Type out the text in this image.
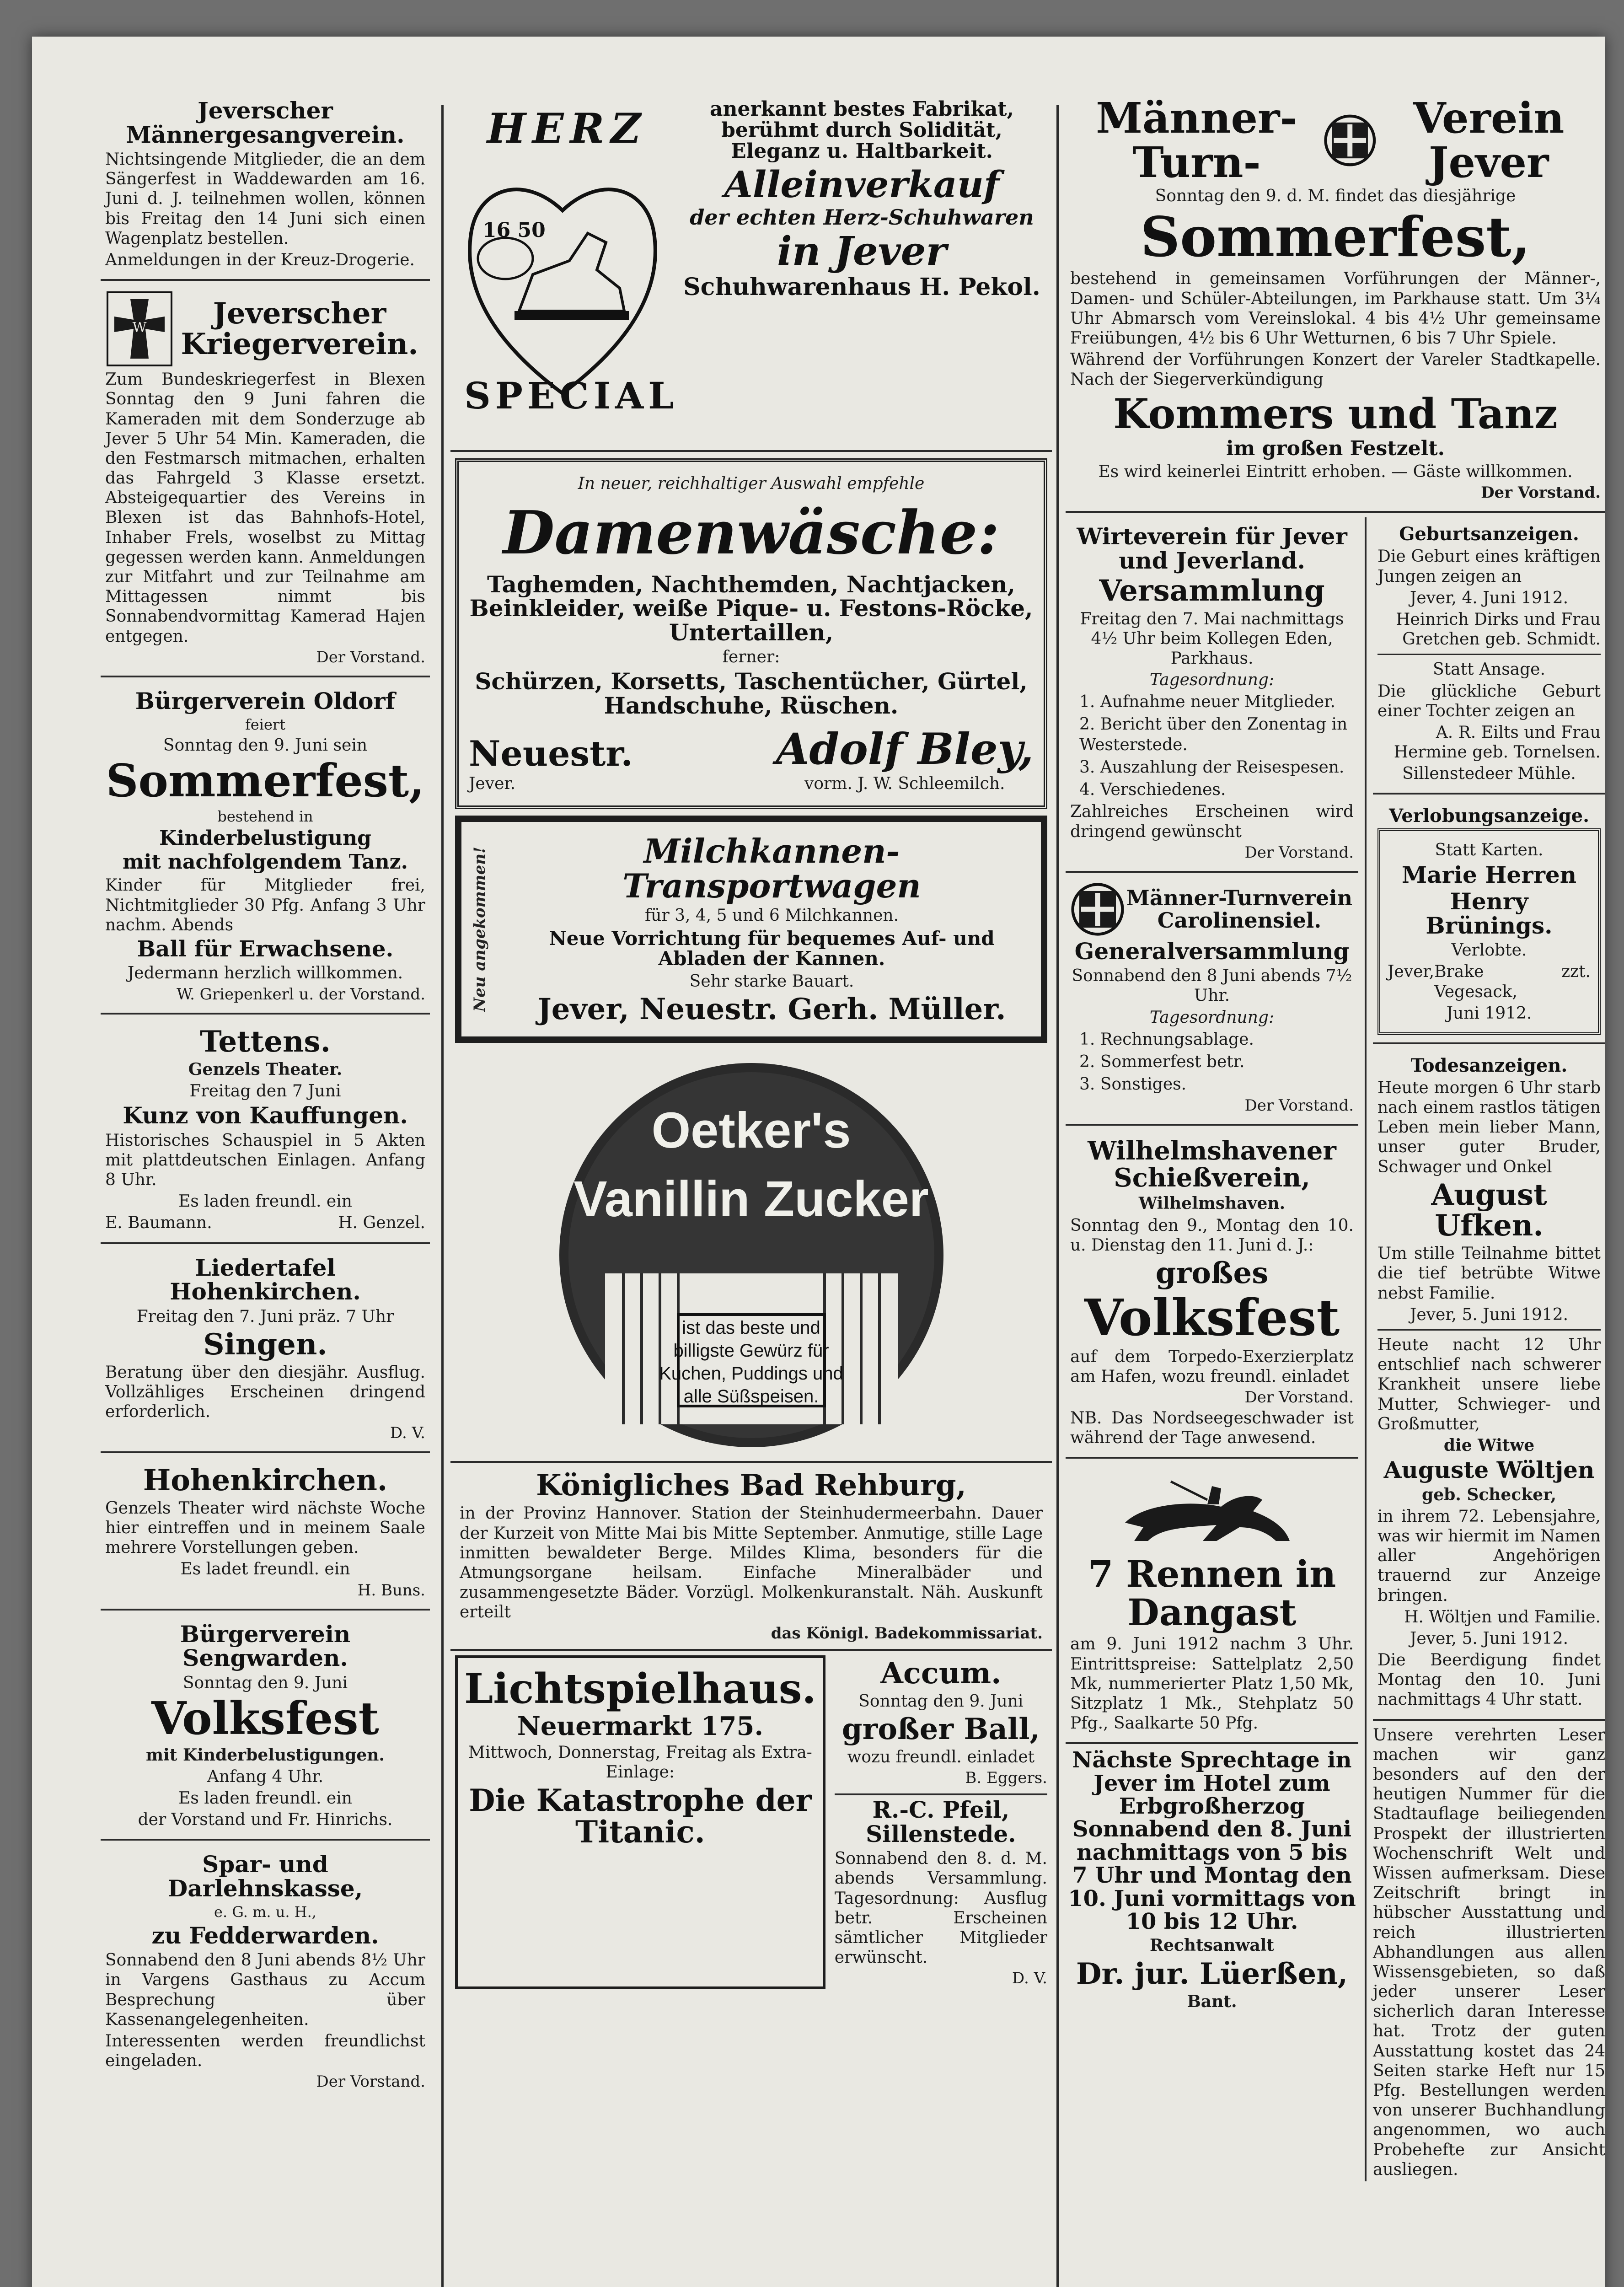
Jeverscher Männergesangverein.
Nichtsingende Mitglieder, die an dem Sängerfest in Waddewarden am 16. Juni d. J. teilnehmen wollen, können bis Freitag den 14 Juni sich einen Wagenplatz bestellen.
Anmeldungen in der Kreuz-Drogerie.
W	Jeverscher Kriegerverein.
Zum Bundeskriegerfest in Blexen Sonntag den 9 Juni fahren die Kameraden mit dem Sonderzuge ab Jever 5 Uhr 54 Min. Kameraden, die den Festmarsch mitmachen, erhalten das Fahrgeld 3 Klasse ersetzt. Absteigequartier des Vereins in Blexen ist das Bahnhofs-Hotel, Inhaber Frels, woselbst zu Mittag gegessen werden kann. Anmeldungen zur Mitfahrt und zur Teilnahme am Mittagessen nimmt bis Sonnabendvormittag Kamerad Hajen entgegen.
Der Vorstand.
Bürgerverein Oldorf
feiert
Sonntag den 9. Juni sein
Sommerfest,
bestehend in
Kinderbelustigung
mit nachfolgendem Tanz.
Kinder für Mitglieder frei, Nichtmitglieder 30 Pfg. Anfang 3 Uhr nachm. Abends
Ball für Erwachsene.
Jedermann herzlich willkommen.
W. Griepenkerl u. der Vorstand.
Tettens.
Genzels Theater.
Freitag den 7 Juni
Kunz von Kauffungen.
Historisches Schauspiel in 5 Akten mit plattdeutschen Einlagen. Anfang 8 Uhr.
Es laden freundl. ein
E. Baumann.	H. Genzel.
Liedertafel Hohenkirchen.
Freitag den 7. Juni präz. 7 Uhr
Singen.
Beratung über den diesjähr. Ausflug. Vollzähliges Erscheinen dringend erforderlich.
D. V.
Hohenkirchen.
Genzels Theater wird nächste Woche hier eintreffen und in meinem Saale mehrere Vorstellungen geben.
Es ladet freundl. ein
H. Buns.
Bürgerverein Sengwarden.
Sonntag den 9. Juni
Volksfest
mit Kinderbelustigungen.
Anfang 4 Uhr.
Es laden freundl. ein
der Vorstand und Fr. Hinrichs.
Spar- und Darlehnskasse,
e. G. m. u. H.,
zu Fedderwarden.
Sonnabend den 8 Juni abends 8½ Uhr in Vargens Gasthaus zu Accum Besprechung über Kassenangelegenheiten.
Interessenten werden freundlichst eingeladen.
Der Vorstand.
anerkannt bestes Fabrikat, berühmt durch Solidität, Eleganz u. Haltbarkeit.
Alleinverkauf
der echten Herz-Schuhwaren
in Jever
Schuhwarenhaus H. Pekol.
HERZ
16 50
SPECIAL
In neuer, reichhaltiger Auswahl empfehle
Damenwäsche:
Taghemden, Nachthemden, Nachtjacken, Beinkleider, weiße Pique- u. Festons-Röcke, Untertaillen,
ferner:
Schürzen, Korsetts, Taschentücher, Gürtel, Handschuhe, Rüschen.
Neuestr.
Jever.
Adolf Bley,
vorm. J. W. Schleemilch.
Neu angekommen!	Milchkannen-Transportwagen
für 3, 4, 5 und 6 Milchkannen.
Neue Vorrichtung für bequemes Auf- und Abladen der Kannen.
Sehr starke Bauart.
Jever, Neuestr. Gerh. Müller.
Oetker's
Vanillin Zucker
ist das beste und
billigste Gewürz für
Kuchen, Puddings und
alle Süßspeisen.
Königliches Bad Rehburg,
in der Provinz Hannover. Station der Steinhudermeerbahn. Dauer der Kurzeit von Mitte Mai bis Mitte September. Anmutige, stille Lage inmitten bewaldeter Berge. Mildes Klima, besonders für die Atmungsorgane heilsam. Einfache Mineralbäder und zusammengesetzte Bäder. Vorzügl. Molkenkuranstalt. Näh. Auskunft erteilt
das Königl. Badekommissariat.
Lichtspielhaus.
Neuermarkt 175.
Mittwoch, Donnerstag, Freitag als Extra-Einlage:
Die Katastrophe der Titanic.
Accum.
Sonntag den 9. Juni
großer Ball,
wozu freundl. einladet
B. Eggers.
R.-C. Pfeil, Sillenstede.
Sonnabend den 8. d. M. abends Versammlung. Tagesordnung: Ausflug betr. Erscheinen sämtlicher Mitglieder erwünscht.
D. V.
Männer-Turn-
Verein Jever
Sonntag den 9. d. M. findet das diesjährige
Sommerfest,
bestehend in gemeinsamen Vorführungen der Männer-, Damen- und Schüler-Abteilungen, im Parkhause statt. Um 3¼ Uhr Abmarsch vom Vereinslokal. 4 bis 4½ Uhr gemeinsame Freiübungen, 4½ bis 6 Uhr Wetturnen, 6 bis 7 Uhr Spiele.
Während der Vorführungen Konzert der Vareler Stadtkapelle. Nach der Siegerverkündigung
Kommers und Tanz
im großen Festzelt.
Es wird keinerlei Eintritt erhoben. — Gäste willkommen.
Der Vorstand.
Wirteverein für Jever und Jeverland.
Versammlung
Freitag den 7. Mai nachmittags 4½ Uhr beim Kollegen Eden, Parkhaus.
Tagesordnung:
1. Aufnahme neuer Mitglieder.
2. Bericht über den Zonentag in Westerstede.
3. Auszahlung der Reisespesen.
4. Verschiedenes.
Zahlreiches Erscheinen wird dringend gewünscht
Der Vorstand.
Männer-Turnverein Carolinensiel.
Generalversammlung
Sonnabend den 8 Juni abends 7½ Uhr.
Tagesordnung:
1. Rechnungsablage.
2. Sommerfest betr.
3. Sonstiges.
Der Vorstand.
Wilhelmshavener Schießverein,
Wilhelmshaven.
Sonntag den 9., Montag den 10. u. Dienstag den 11. Juni d. J.:
großes
Volksfest
auf dem Torpedo-Exerzierplatz am Hafen, wozu freundl. einladet
Der Vorstand.
NB. Das Nordseegeschwader ist während der Tage anwesend.
7 Rennen in Dangast
am 9. Juni 1912 nachm 3 Uhr. Eintrittspreise: Sattelplatz 2,50 Mk, nummerierter Platz 1,50 Mk, Sitzplatz 1 Mk., Stehplatz 50 Pfg., Saalkarte 50 Pfg.
Nächste Sprechtage in Jever im Hotel zum Erbgroßherzog Sonnabend den 8. Juni nachmittags von 5 bis 7 Uhr und Montag den 10. Juni vormittags von 10 bis 12 Uhr.
Rechtsanwalt
Dr. jur. Lüerßen,
Bant.
Geburtsanzeigen.
Die Geburt eines kräftigen Jungen zeigen an
Jever, 4. Juni 1912.
Heinrich Dirks und Frau Gretchen geb. Schmidt.
Statt Ansage.
Die glückliche Geburt einer Tochter zeigen an
A. R. Eilts und Frau Hermine geb. Tornelsen.
Sillenstedeer Mühle.
Verlobungsanzeige.
Statt Karten.
Marie Herren
Henry Brünings.
Verlobte.
Jever, Brake zzt. Vegesack,
Juni 1912.
Todesanzeigen.
Heute morgen 6 Uhr starb nach einem rastlos tätigen Leben mein lieber Mann, unser guter Bruder, Schwager und Onkel
August Ufken.
Um stille Teilnahme bittet die tief betrübte Witwe nebst Familie.
Jever, 5. Juni 1912.
Heute nacht 12 Uhr entschlief nach schwerer Krankheit unsere liebe Mutter, Schwieger- und Großmutter,
die Witwe
Auguste Wöltjen
geb. Schecker,
in ihrem 72. Lebensjahre, was wir hiermit im Namen aller Angehörigen trauernd zur Anzeige bringen.
H. Wöltjen und Familie.
Jever, 5. Juni 1912.
Die Beerdigung findet Montag den 10. Juni nachmittags 4 Uhr statt.
Unsere verehrten Leser machen wir ganz besonders auf den der heutigen Nummer für die Stadtauflage beiliegenden Prospekt der illustrierten Wochenschrift Welt und Wissen aufmerksam. Diese Zeitschrift bringt in hübscher Ausstattung und reich illustrierten Abhandlungen aus allen Wissensgebieten, so daß jeder unserer Leser sicherlich daran Interesse hat. Trotz der guten Ausstattung kostet das 24 Seiten starke Heft nur 15 Pfg. Bestellungen werden von unserer Buchhandlung angenommen, wo auch Probehefte zur Ansicht ausliegen.
